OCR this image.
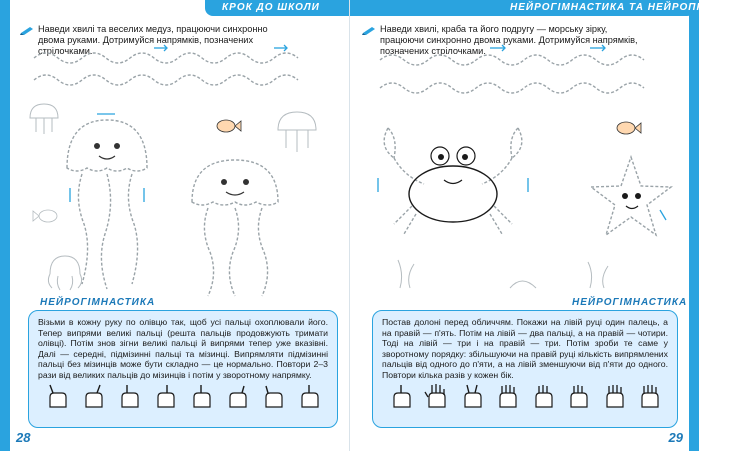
КРОК ДО ШКОЛИ
Наведи хвилі та веселих медуз, працюючи синхронно двома руками. Дотримуйся напрямків, позначених стрілочками.
НЕЙРОГІМНАСТИКА
Візьми в кожну руку по олівцю так, щоб усі пальці охоплювали його. Тепер випрями великі пальці (решта пальців продовжують тримати олівці). Потім знов зігни великі пальці й випрями тепер уже вказівні. Далі — середні, підмізинні пальці та мізинці. Випрямляти підмізинні пальці без мізинців може бути складно — це нормально. Повтори 2–3 рази від великих пальців до мізинців і потім у зворотному напрямку.
28
НЕЙРОГІМНАСТИКА ТА НЕЙРОПРОПИСИ
Наведи хвилі, краба та його подругу — морську зірку, працюючи синхронно двома руками. Дотримуйся напрямків, позначених стрілочками.
НЕЙРОГІМНАСТИКА
Постав долоні перед обличчям. Покажи на лівій руці один палець, а на правій — п'ять. Потім на лівій — два пальці, а на правій — чотири. Тоді на лівій — три і на правій — три. Потім зроби те саме у зворотному порядку: збільшуючи на правій руці кількість випрямлених пальців від одного до п'яти, а на лівій зменшуючи від п'яти до одного. Повтори кілька разів у кожен бік.
29
